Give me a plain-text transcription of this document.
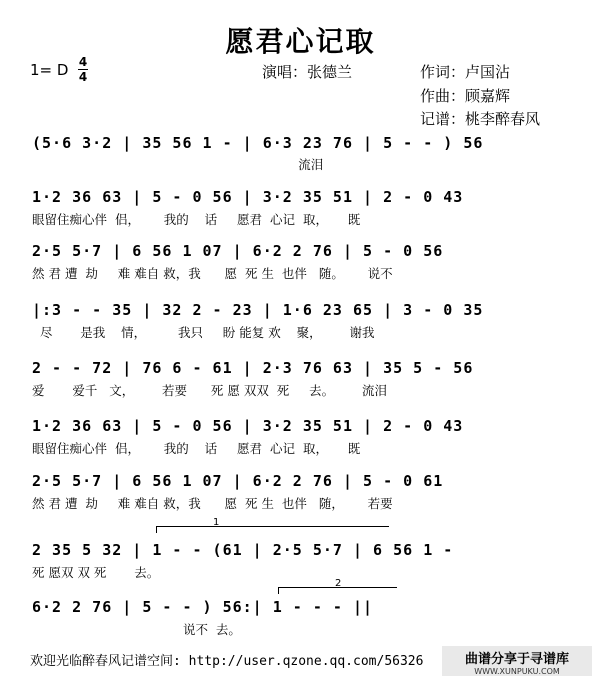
愿君心记取
1= D 4
4	演唱：张德兰	作词：卢国沾
作曲：顾嘉辉
记谱：桃李醉春风
(5·6 3·2 | 35 56 1 - | 6·3 23 76 | 5 - - ) 56
流泪
1·2 36 63 | 5 - 0 56 | 3·2 35 51 | 2 - 0 43
眼留住痴心伴  侣，      我的    话     愿君  心记  取，     既
2·5 5·7 | 6 56 1 07 | 6·2 2 76 | 5 - 0 56
然 君 遭  劫     难 难自 救，我      愿  死 生  也伴   随。      说不
|:3 - - 35 | 32 2 - 23 | 1·6 23 65 | 3 - 0 35
尽       是我    情，        我只     盼 能复 欢    聚，       谢我
2 - - 72 | 76 6 - 61 | 2·3 76 63 | 35 5 - 56
爱       爱千   文，       若要      死 愿 双双  死     去。       流泪
1·2 36 63 | 5 - 0 56 | 3·2 35 51 | 2 - 0 43
眼留住痴心伴  侣，      我的    话     愿君  心记  取，     既
2·5 5·7 | 6 56 1 07 | 6·2 2 76 | 5 - 0 61
然 君 遭  劫     难 难自 救，我      愿  死 生  也伴   随，      若要
1
2 35 5 32 | 1 - - (61 | 2·5 5·7 | 6 56 1 -
死 愿双 双 死       去。
2
6·2 2 76 | 5 - - ) 56:| 1 - - - ||
说不  去。
欢迎光临醉春风记谱空间: http://user.qzone.qq.com/56326	曲谱分享于寻谱库
WWW.XUNPUKU.COM
